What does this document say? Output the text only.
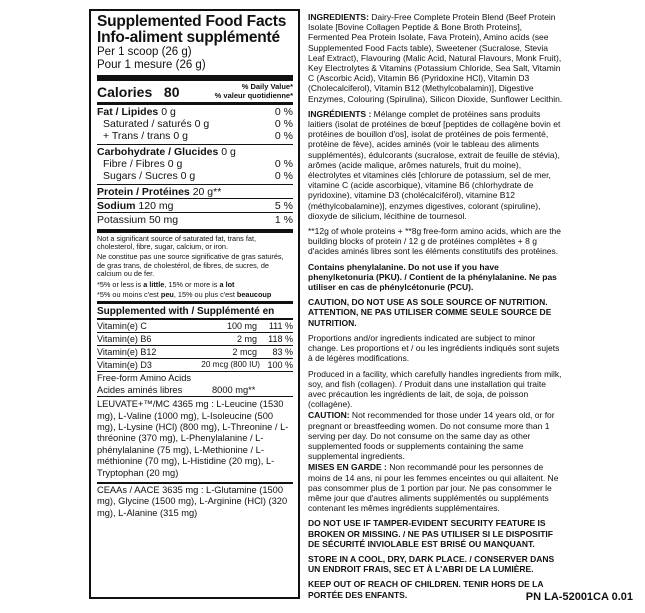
Supplemented Food Facts
Info-aliment supplémenté
Per 1 scoop (26 g)
Pour 1 mesure (26 g)
Calories 80	% Daily Value*
% valeur quotidienne*
Fat / Lipides 0 g	0 %
Saturated / saturés 0 g	0 %
+ Trans / trans 0 g	0 %
Carbohydrate / Glucides 0 g
Fibre / Fibres 0 g	0 %
Sugars / Sucres 0 g	0 %
Protein / Protéines 20 g**
Sodium 120 mg	5 %
Potassium 50 mg	1 %
Not a significant source of saturated fat, trans fat, cholesterol, fibre, sugar, calcium, or iron.
Ne constitue pas une source significative de gras saturés, de gras trans, de cholestérol, de fibres, de sucres, de calcium ou de fer.
*5% or less is a little, 15% or more is a lot
*5% ou moins c'est peu, 15% ou plus c'est beaucoup
Supplemented with / Supplémenté en
Vitamin(e) C	100 mg	111 %
Vitamin(e) B6	2 mg	118 %
Vitamin(e) B12	2 mcg	83 %
Vitamin(e) D3	20 mcg (800 IU) 100 %
Free-form Amino Acids
Acides aminés libres	8000 mg**
LEUVATE+™/MC 4365 mg : L-Leucine (1530 mg), L-Valine (1000 mg), L-Isoleucine (500 mg), L-Lysine (HCl) (800 mg), L-Threonine / L-thréonine (370 mg), L-Phenylalanine / L-phénylalanine (75 mg), L-Methionine / L-méthionine (70 mg), L-Histidine (20 mg), L-Tryptophan (20 mg)
CEAAs / AACE 3635 mg : L-Glutamine (1500 mg), Glycine (1500 mg), L-Arginine (HCl) (320 mg), L-Alanine (315 mg)

INGREDIENTS: Dairy-Free Complete Protein Blend (Beef Protein Isolate [Bovine Collagen Peptide & Bone Broth Proteins], Fermented Pea Protein Isolate, Fava Protein), Amino acids (see Supplemented Food Facts table), Sweetener (Sucralose, Stevia Leaf Extract), Flavouring (Malic Acid, Natural Flavours, Monk Fruit), Key Electrolytes & Vitamins (Potassium Chloride, Sea Salt, Vitamin C (Ascorbic Acid), Vitamin B6 (Pyridoxine HCl), Vitamin D3 (Cholecalciferol), Vitamin B12 (Methylcobalamin)], Digestive Enzymes, Colouring (Spirulina), Silicon Dioxide, Sunflower Lecithin.

INGRÉDIENTS : Mélange complet de protéines sans produits laitiers (isolat de protéines de bœuf [peptides de collagène bovin et protéines de bouillon d'os], isolat de protéines de pois fermenté, protéine de fève), acides aminés (voir le tableau des aliments supplémentés), édulcorants (sucralose, extrait de feuille de stévia), arômes (acide malique, arômes naturels, fruit du moine), électrolytes et vitamines clés [chlorure de potassium, sel de mer, vitamine C (acide ascorbique), vitamine B6 (chlorhydrate de pyridoxine), vitamine D3 (cholécalciférol), vitamine B12 (méthylcobalamine)], enzymes digestives, colorant (spiruline), dioxyde de silicium, lécithine de tournesol.

**12g of whole proteins + **8g free-form amino acids, which are the building blocks of protein / 12 g de protéines complètes + 8 g d'acides aminés libres sont les éléments constitutifs des protéines.

Contains phenylalanine. Do not use if you have phenylketonuria (PKU). / Contient de la phénylalanine. Ne pas utiliser en cas de phénylcétonurie (PCU).

CAUTION, DO NOT USE AS SOLE SOURCE OF NUTRITION. ATTENTION, NE PAS UTILISER COMME SEULE SOURCE DE NUTRITION.

Proportions and/or ingredients indicated are subject to minor change. Les proportions et / ou les ingrédients indiqués sont sujets à de légères modifications.

Produced in a facility, which carefully handles ingredients from milk, soy, and fish (collagen). / Produit dans une installation qui traite avec précaution les ingrédients de lait, de soja, de poisson (collagène).

CAUTION: Not recommended for those under 14 years old, or for pregnant or breastfeeding women. Do not consume more than 1 serving per day. Do not consume on the same day as other supplemented foods or supplements containing the same supplemental ingredients.

MISES EN GARDE : Non recommandé pour les personnes de moins de 14 ans, ni pour les femmes enceintes ou qui allaitent. Ne pas consommer plus de 1 portion par jour. Ne pas consommer le même jour que d'autres aliments supplémentés ou suppléments contenant les mêmes ingrédients supplémentaires.

DO NOT USE IF TAMPER-EVIDENT SECURITY FEATURE IS BROKEN OR MISSING. / NE PAS UTILISER SI LE DISPOSITIF DE SÉCURITÉ INVIOLABLE EST BRISÉ OU MANQUANT.

STORE IN A COOL, DRY, DARK PLACE. / CONSERVER DANS UN ENDROIT FRAIS, SEC ET À L'ABRI DE LA LUMIÈRE.

KEEP OUT OF REACH OF CHILDREN. TENIR HORS DE LA PORTÉE DES ENFANTS.	PN LA-52001CA 0.01
